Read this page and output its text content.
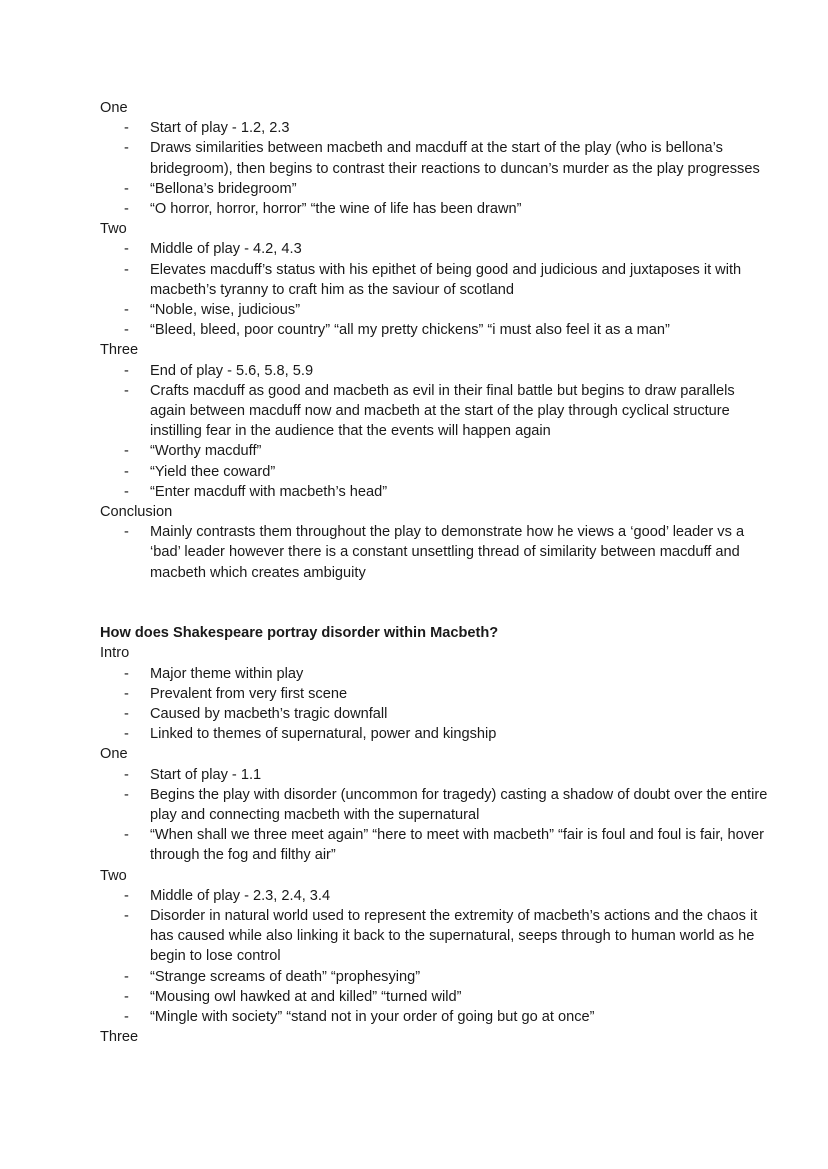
One

- Start of play - 1.2, 2.3
- Draws similarities between macbeth and macduff at the start of the play (who is bellona’s bridegroom), then begins to contrast their reactions to duncan’s murder as the play progresses
- “Bellona’s bridegroom”
- “O horror, horror, horror” “the wine of life has been drawn”

Two

- Middle of play - 4.2, 4.3
- Elevates macduff’s status with his epithet of being good and judicious and juxtaposes it with macbeth’s tyranny to craft him as the saviour of scotland
- “Noble, wise, judicious”
- “Bleed, bleed, poor country” “all my pretty chickens” “i must also feel it as a man”

Three

- End of play - 5.6, 5.8, 5.9
- Crafts macduff as good and macbeth as evil in their final battle but begins to draw parallels again between macduff now and macbeth at the start of the play through cyclical structure instilling fear in the audience that the events will happen again
- “Worthy macduff”
- “Yield thee coward”
- “Enter macduff with macbeth’s head”

Conclusion

- Mainly contrasts them throughout the play to demonstrate how he views a ‘good’ leader vs a ‘bad’ leader however there is a constant unsettling thread of similarity between macduff and macbeth which creates ambiguity

How does Shakespeare portray disorder within Macbeth?

Intro

- Major theme within play
- Prevalent from very first scene
- Caused by macbeth’s tragic downfall
- Linked to themes of supernatural, power and kingship

One

- Start of play - 1.1
- Begins the play with disorder (uncommon for tragedy) casting a shadow of doubt over the entire play and connecting macbeth with the supernatural
- “When shall we three meet again” “here to meet with macbeth” “fair is foul and foul is fair, hover through the fog and filthy air”

Two

- Middle of play - 2.3, 2.4, 3.4
- Disorder in natural world used to represent the extremity of macbeth’s actions and the chaos it has caused while also linking it back to the supernatural, seeps through to human world as he begin to lose control
- “Strange screams of death” “prophesying”
- “Mousing owl hawked at and killed” “turned wild”
- “Mingle with society” “stand not in your order of going but go at once”

Three
